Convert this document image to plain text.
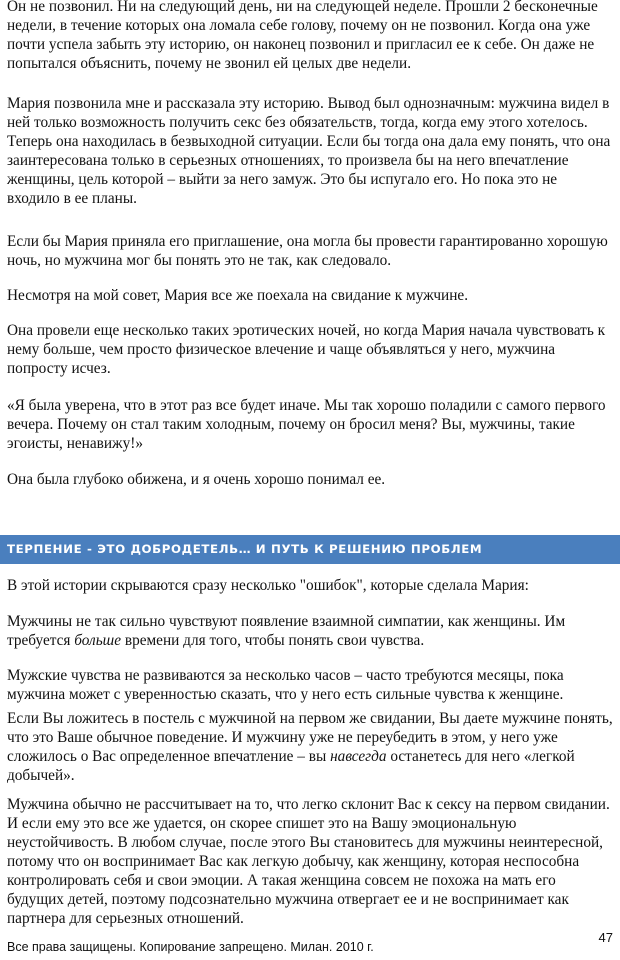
Он не позвонил. Ни на следующий день, ни на следующей неделе. Прошли 2 бесконечные недели, в течение которых она ломала себе голову, почему он не позвонил. Когда она уже почти успела забыть эту историю, он наконец позвонил и пригласил ее к себе. Он даже не попытался объяснить, почему не звонил ей целых две недели.

Мария позвонила мне и рассказала эту историю. Вывод был однозначным: мужчина видел в ней только возможность получить секс без обязательств, тогда, когда ему этого хотелось. Теперь она находилась в безвыходной ситуации. Если бы тогда она дала ему понять, что она заинтересована только в серьезных отношениях, то произвела бы на него впечатление женщины, цель которой – выйти за него замуж. Это бы испугало его. Но пока это не входило в ее планы.

Если бы Мария приняла его приглашение, она могла бы провести гарантированно хорошую ночь, но мужчина мог бы понять это не так, как следовало.

Несмотря на мой совет, Мария все же поехала на свидание к мужчине.

Она провели еще несколько таких эротических ночей, но когда Мария начала чувствовать к нему больше, чем просто физическое влечение и чаще объявляться у него, мужчина попросту исчез.

«Я была уверена, что в этот раз все будет иначе. Мы так хорошо поладили с самого первого вечера. Почему он стал таким холодным, почему он бросил меня? Вы, мужчины, такие эгоисты, ненавижу!»

Она была глубоко обижена, и я очень хорошо понимал ее.

ТЕРПЕНИЕ - ЭТО ДОБРОДЕТЕЛЬ… И ПУТЬ К РЕШЕНИЮ ПРОБЛЕМ

В этой истории скрываются сразу несколько "ошибок", которые сделала Мария:

Мужчины не так сильно чувствуют появление взаимной симпатии, как женщины. Им требуется больше времени для того, чтобы понять свои чувства.

Мужские чувства не развиваются за несколько часов – часто требуются месяцы, пока мужчина может с уверенностью сказать, что у него есть сильные чувства к женщине.

Если Вы ложитесь в постель с мужчиной на первом же свидании, Вы даете мужчине понять, что это Ваше обычное поведение. И мужчину уже не переубедить в этом, у него уже сложилось о Вас определенное впечатление – вы навсегда останетесь для него «легкой добычей».

Мужчина обычно не рассчитывает на то, что легко склонит Вас к сексу на первом свидании. И если ему это все же удается, он скорее спишет это на Вашу эмоциональную неустойчивость. В любом случае, после этого Вы становитесь для мужчины неинтересной, потому что он воспринимает Вас как легкую добычу, как женщину, которая неспособна контролировать себя и свои эмоции. А такая женщина совсем не похожа на мать его будущих детей, поэтому подсознательно мужчина отвергает ее и не воспринимает как партнера для серьезных отношений.

Все права защищены. Копирование запрещено. Милан. 2010 г.
47
